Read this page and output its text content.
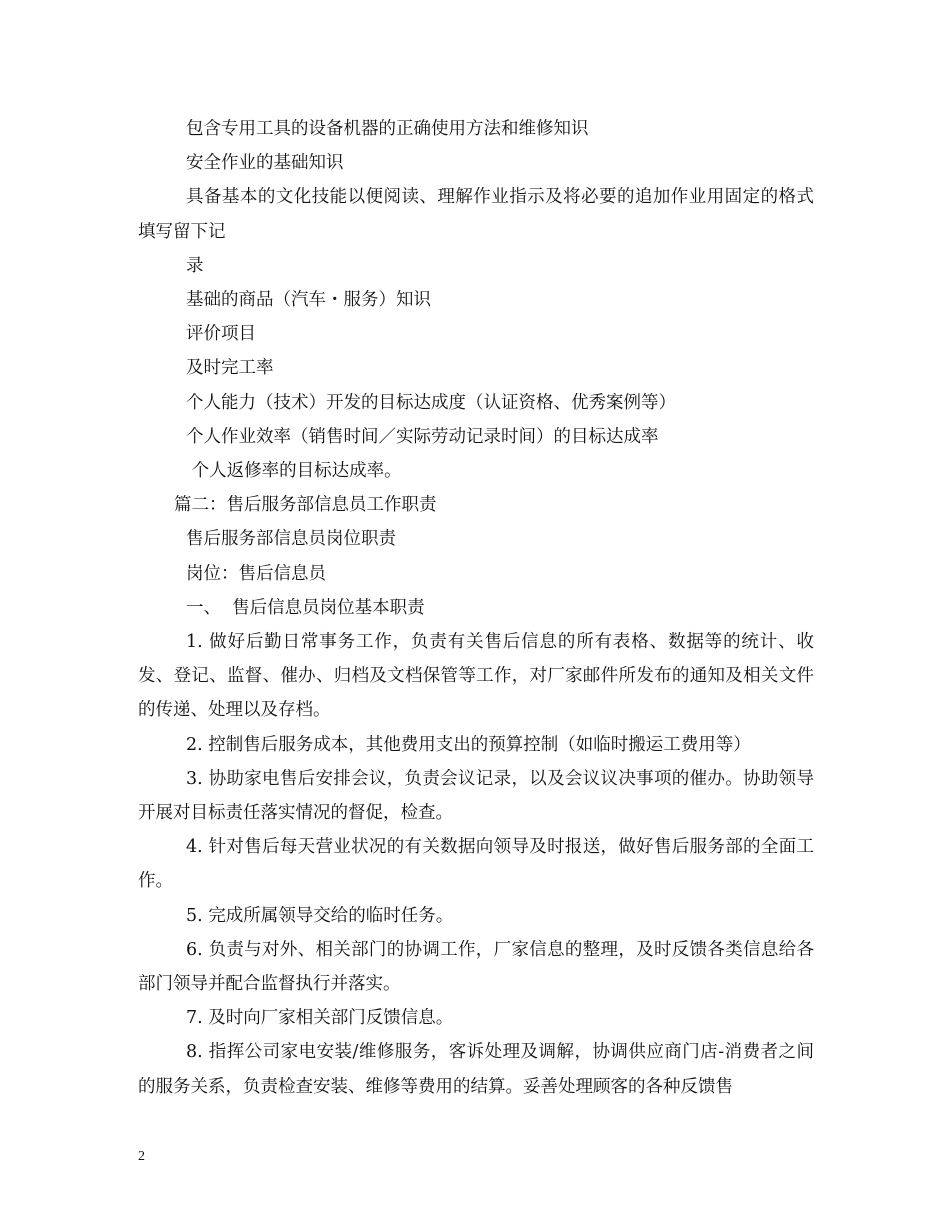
包含专用工具的设备机器的正确使用方法和维修知识

安全作业的基础知识

具备基本的文化技能以便阅读、理解作业指示及将必要的追加作业用固定的格式填写留下记

录

基础的商品（汽车・服务）知识

评价项目

及时完工率

个人能力（技术）开发的目标达成度（认证资格、优秀案例等）

个人作业效率（销售时间／实际劳动记录时间）的目标达成率

个人返修率的目标达成率。

篇二：售后服务部信息员工作职责

售后服务部信息员岗位职责

岗位：售后信息员

一、  售后信息员岗位基本职责

1. 做好后勤日常事务工作，负责有关售后信息的所有表格、数据等的统计、收发、登记、监督、催办、归档及文档保管等工作，对厂家邮件所发布的通知及相关文件的传递、处理以及存档。

2. 控制售后服务成本，其他费用支出的预算控制（如临时搬运工费用等）

3. 协助家电售后安排会议，负责会议记录，以及会议议决事项的催办。协助领导开展对目标责任落实情况的督促，检查。

4. 针对售后每天营业状况的有关数据向领导及时报送，做好售后服务部的全面工作。

5. 完成所属领导交给的临时任务。

6. 负责与对外、相关部门的协调工作，厂家信息的整理，及时反馈各类信息给各部门领导并配合监督执行并落实。

7. 及时向厂家相关部门反馈信息。

8. 指挥公司家电安装/维修服务，客诉处理及调解，协调供应商门店-消费者之间的服务关系，负责检查安装、维修等费用的结算。妥善处理顾客的各种反馈售

2
